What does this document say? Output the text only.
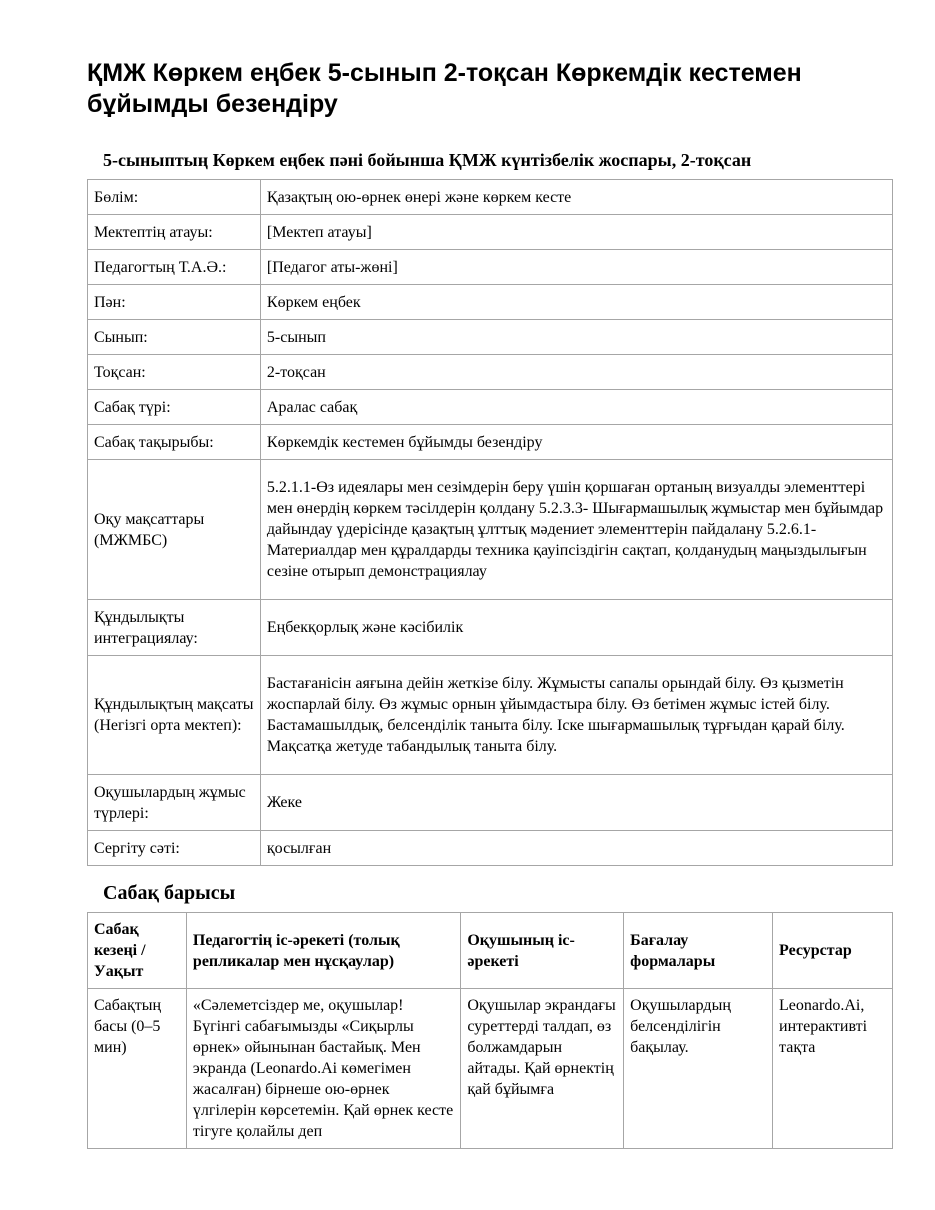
ҚМЖ Көркем еңбек 5-сынып 2-тоқсан Көркемдік кестемен бұйымды безендіру
5-сыныптың Көркем еңбек пәні бойынша ҚМЖ күнтізбелік жоспары, 2-тоқсан
Бөлім:	Қазақтың ою-өрнек өнері және көркем кесте
Мектептің атауы:	[Мектеп атауы]
Педагогтың Т.А.Ә.:	[Педагог аты-жөні]
Пән:	Көркем еңбек
Сынып:	5-сынып
Тоқсан:	2-тоқсан
Сабақ түрі:	Аралас сабақ
Сабақ тақырыбы:	Көркемдік кестемен бұйымды безендіру
Оқу мақсаттары (МЖМБС)	5.2.1.1-Өз идеялары мен сезімдерін беру үшін қоршаған ортаның визуалды элементтері мен өнердің көркем тәсілдерін қолдану 5.2.3.3- Шығармашылық жұмыстар мен бұйымдар дайындау үдерісінде қазақтың ұлттық мәдениет элементтерін пайдалану 5.2.6.1-Материалдар мен құралдарды техника қауіпсіздігін сақтап, қолданудың маңыздылығын сезіне отырып демонстрациялау
Құндылықты интеграциялау:	Еңбекқорлық және кәсібилік
Құндылықтың мақсаты (Негізгі орта мектеп):	Бастағанісін аяғына дейін жеткізе білу. Жұмысты сапалы орындай білу. Өз қызметін жоспарлай білу. Өз жұмыс орнын ұйымдастыра білу. Өз бетімен жұмыс істей білу. Бастамашылдық, белсенділік таныта білу. Іске шығармашылық тұрғыдан қарай білу. Мақсатқа жетуде табандылық таныта білу.
Оқушылардың жұмыс түрлері:	Жеке
Сергіту сәті:	қосылған
Сабақ барысы
Сабақ кезеңі / Уақыт	Педагогтің іс-әрекеті (толық репликалар мен нұсқаулар)	Оқушының іс-әрекеті	Бағалау формалары	Ресурстар
Сабақтың басы (0–5 мин)	«Сәлеметсіздер ме, оқушылар! Бүгінгі сабағымызды «Сиқырлы өрнек» ойынынан бастайық. Мен экранда (Leonardo.Ai көмегімен жасалған) бірнеше ою-өрнек үлгілерін көрсетемін. Қай өрнек кесте тігуге қолайлы деп	Оқушылар экрандағы суреттерді талдап, өз болжамдарын айтады. Қай өрнектің қай бұйымға	Оқушылардың белсенділігін бақылау.	Leonardo.Ai, интерактивті тақта
